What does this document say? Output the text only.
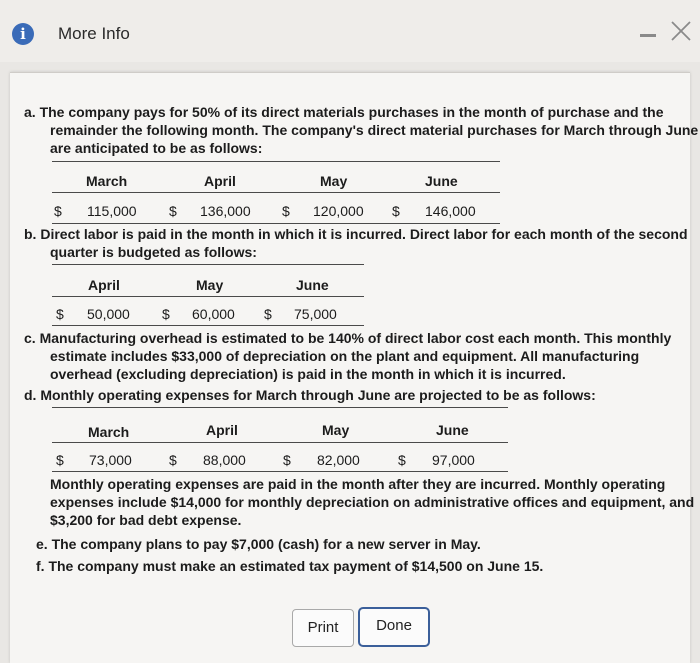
i	More Info
a. The company pays for 50% of its direct materials purchases in the month of purchase and the
remainder the following month. The company's direct material purchases for March through June
are anticipated to be as follows:
March	April	May	June
$ 115,000 $ 136,000 $ 120,000 $ 146,000
b. Direct labor is paid in the month in which it is incurred. Direct labor for each month of the second
quarter is budgeted as follows:
April	May	June
$ 50,000 $ 60,000 $ 75,000
c. Manufacturing overhead is estimated to be 140% of direct labor cost each month. This monthly
estimate includes $33,000 of depreciation on the plant and equipment. All manufacturing
overhead (excluding depreciation) is paid in the month in which it is incurred.
d. Monthly operating expenses for March through June are projected to be as follows:
March	April	May	June
$ 73,000	$ 88,000	$ 82,000	$ 97,000
Monthly operating expenses are paid in the month after they are incurred. Monthly operating
expenses include $14,000 for monthly depreciation on administrative offices and equipment, and
$3,200 for bad debt expense.
e. The company plans to pay $7,000 (cash) for a new server in May.
f. The company must make an estimated tax payment of $14,500 on June 15.
Print	Done
